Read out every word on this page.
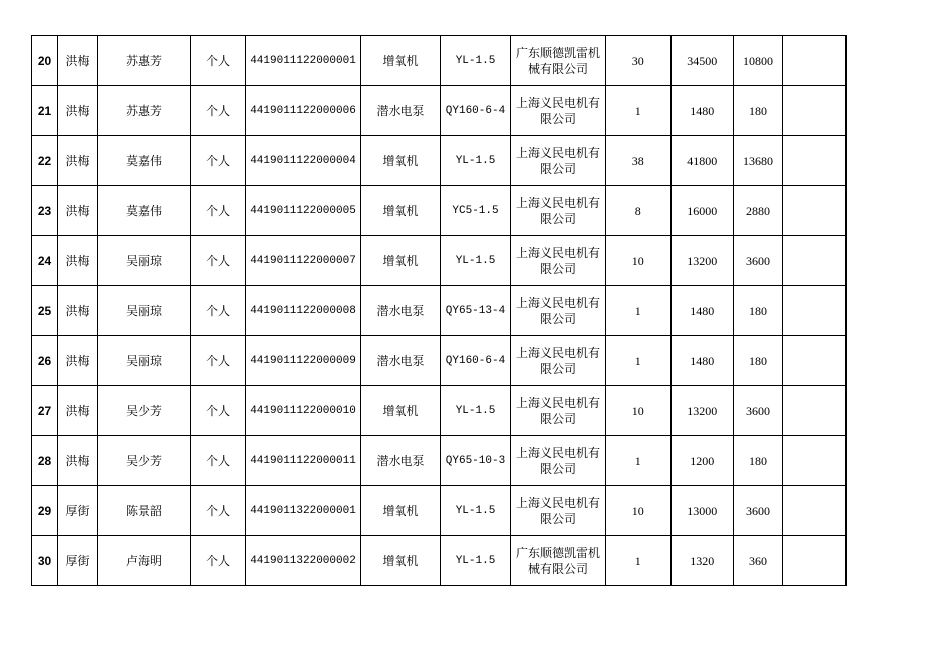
20	洪梅	苏惠芳	个人	4419011122000001	增氧机	YL-1.5	广东顺德凯雷机械有限公司	30	34500	10800	
21	洪梅	苏惠芳	个人	4419011122000006	潜水电泵	QY160-6-4	上海义民电机有限公司	1	1480	180	
22	洪梅	莫嘉伟	个人	4419011122000004	增氧机	YL-1.5	上海义民电机有限公司	38	41800	13680	
23	洪梅	莫嘉伟	个人	4419011122000005	增氧机	YC5-1.5	上海义民电机有限公司	8	16000	2880	
24	洪梅	吴丽琼	个人	4419011122000007	增氧机	YL-1.5	上海义民电机有限公司	10	13200	3600	
25	洪梅	吴丽琼	个人	4419011122000008	潜水电泵	QY65-13-4	上海义民电机有限公司	1	1480	180	
26	洪梅	吴丽琼	个人	4419011122000009	潜水电泵	QY160-6-4	上海义民电机有限公司	1	1480	180	
27	洪梅	吴少芳	个人	4419011122000010	增氧机	YL-1.5	上海义民电机有限公司	10	13200	3600	
28	洪梅	吴少芳	个人	4419011122000011	潜水电泵	QY65-10-3	上海义民电机有限公司	1	1200	180	
29	厚街	陈景韶	个人	4419011322000001	增氧机	YL-1.5	上海义民电机有限公司	10	13000	3600	
30	厚街	卢海明	个人	4419011322000002	增氧机	YL-1.5	广东顺德凯雷机械有限公司	1	1320	360	
